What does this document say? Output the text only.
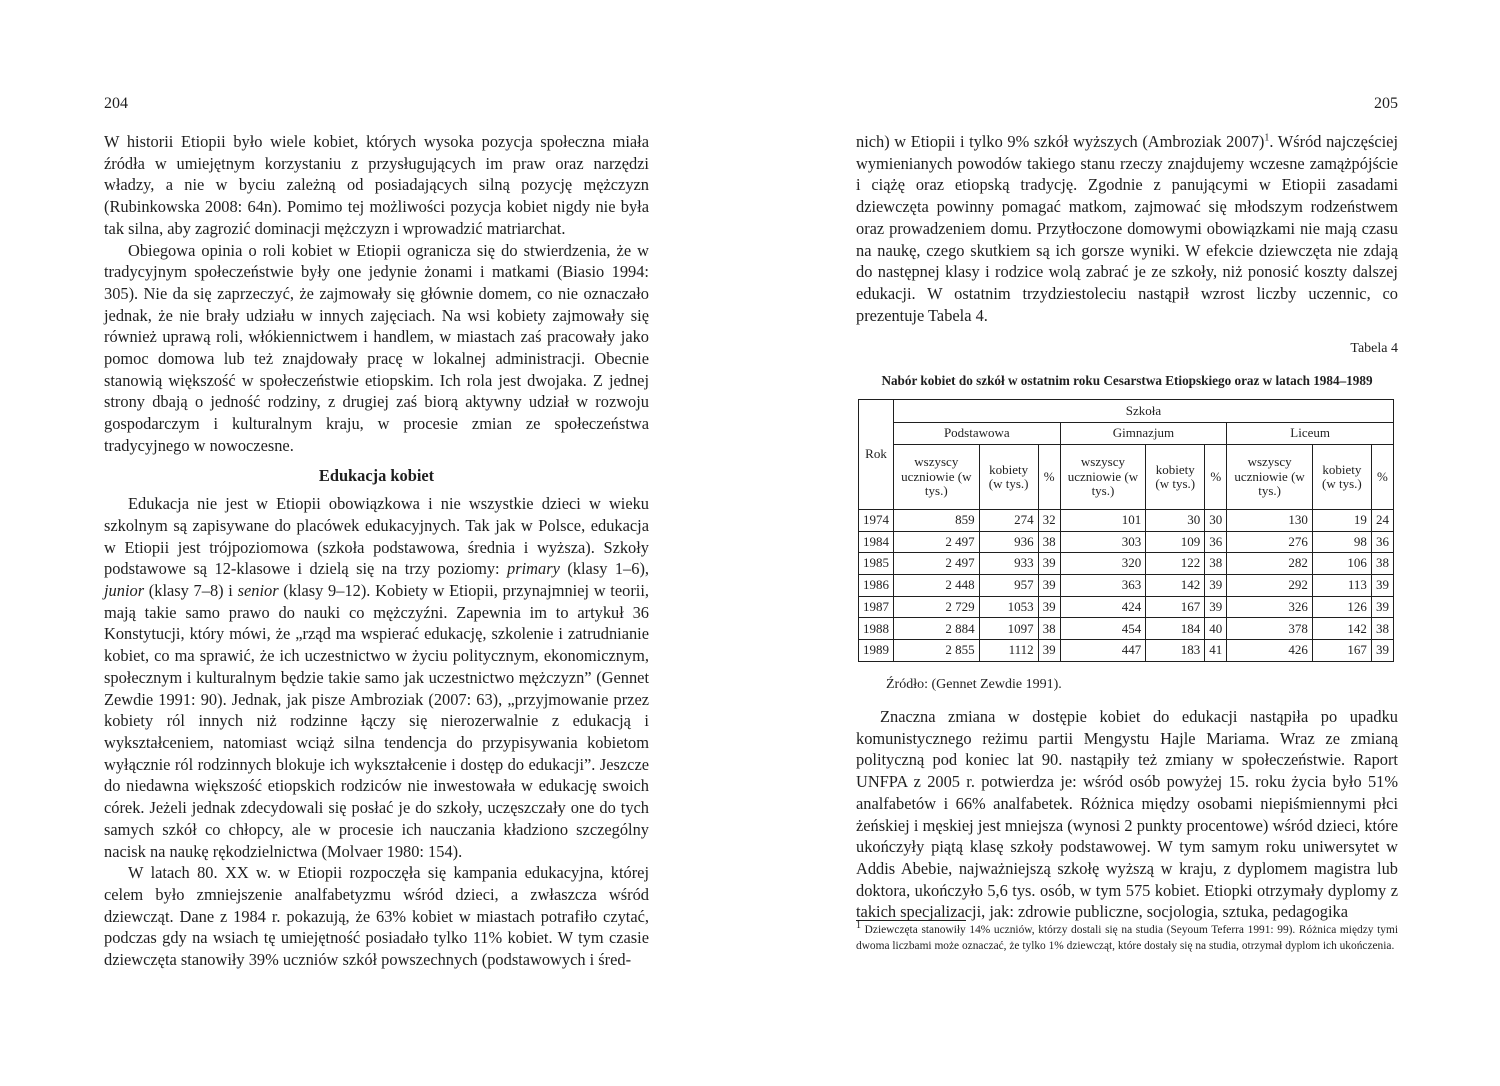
204

W historii Etiopii było wiele kobiet, których wysoka pozycja społeczna miała źródła w umiejętnym korzystaniu z przysługujących im praw oraz narzędzi władzy, a nie w byciu zależną od posiadających silną pozycję mężczyzn (Rubinkowska 2008: 64n). Pomimo tej możliwości pozycja kobiet nigdy nie była tak silna, aby zagrozić dominacji mężczyzn i wprowadzić matriarchat.

Obiegowa opinia o roli kobiet w Etiopii ogranicza się do stwierdzenia, że w tradycyjnym społeczeństwie były one jedynie żonami i matkami (Biasio 1994: 305). Nie da się zaprzeczyć, że zajmowały się głównie domem, co nie oznaczało jednak, że nie brały udziału w innych zajęciach. Na wsi kobiety zajmowały się również uprawą roli, włókiennictwem i handlem, w miastach zaś pracowały jako pomoc domowa lub też znajdowały pracę w lokalnej administracji. Obecnie stanowią większość w społeczeństwie etiopskim. Ich rola jest dwojaka. Z jednej strony dbają o jedność rodziny, z drugiej zaś biorą aktywny udział w rozwoju gospodarczym i kulturalnym kraju, w procesie zmian ze społeczeństwa tradycyjnego w nowoczesne.

Edukacja kobiet

Edukacja nie jest w Etiopii obowiązkowa i nie wszystkie dzieci w wieku szkolnym są zapisywane do placówek edukacyjnych. Tak jak w Polsce, edukacja w Etiopii jest trójpoziomowa (szkoła podstawowa, średnia i wyższa). Szkoły podstawowe są 12-klasowe i dzielą się na trzy poziomy: primary (klasy 1–6), junior (klasy 7–8) i senior (klasy 9–12). Kobiety w Etiopii, przynajmniej w teorii, mają takie samo prawo do nauki co mężczyźni. Zapewnia im to artykuł 36 Konstytucji, który mówi, że „rząd ma wspierać edukację, szkolenie i zatrudnianie kobiet, co ma sprawić, że ich uczestnictwo w życiu politycznym, ekonomicznym, społecznym i kulturalnym będzie takie samo jak uczestnictwo mężczyzn” (Gennet Zewdie 1991: 90). Jednak, jak pisze Ambroziak (2007: 63), „przyjmowanie przez kobiety ról innych niż rodzinne łączy się nierozerwalnie z edukacją i wykształceniem, natomiast wciąż silna tendencja do przypisywania kobietom wyłącznie ról rodzinnych blokuje ich wykształcenie i dostęp do edukacji”. Jeszcze do niedawna większość etiopskich rodziców nie inwestowała w edukację swoich córek. Jeżeli jednak zdecydowali się posłać je do szkoły, uczęszczały one do tych samych szkół co chłopcy, ale w procesie ich nauczania kładziono szczególny nacisk na naukę rękodzielnictwa (Molvaer 1980: 154).

W latach 80. XX w. w Etiopii rozpoczęła się kampania edukacyjna, której celem było zmniejszenie analfabetyzmu wśród dzieci, a zwłaszcza wśród dziewcząt. Dane z 1984 r. pokazują, że 63% kobiet w miastach potrafiło czytać, podczas gdy na wsiach tę umiejętność posiadało tylko 11% kobiet. W tym czasie dziewczęta stanowiły 39% uczniów szkół powszechnych (podstawowych i śred-

205

nich) w Etiopii i tylko 9% szkół wyższych (Ambroziak 2007)$^1$. Wśród najczęściej wymienianych powodów takiego stanu rzeczy znajdujemy wczesne zamążpójście i ciążę oraz etiopską tradycję. Zgodnie z panującymi w Etiopii zasadami dziewczęta powinny pomagać matkom, zajmować się młodszym rodzeństwem oraz prowadzeniem domu. Przytłoczone domowymi obowiązkami nie mają czasu na naukę, czego skutkiem są ich gorsze wyniki. W efekcie dziewczęta nie zdają do następnej klasy i rodzice wolą zabrać je ze szkoły, niż ponosić koszty dalszej edukacji. W ostatnim trzydziestoleciu nastąpił wzrost liczby uczennic, co prezentuje Tabela 4.

Tabela 4
Nabór kobiet do szkół w ostatnim roku Cesarstwa Etiopskiego oraz w latach 1984–1989
Rok	Szkoła								
	Podstawowa			Gimnazjum			Liceum		
	wszyscy uczniowie (w tys.)	kobiety (w tys.)	%	wszyscy uczniowie (w tys.)	kobiety (w tys.)	%	wszyscy uczniowie (w tys.)	kobiety (w tys.)	%
1974	859	274	32	101	30	30	130	19	24
1984	2 497	936	38	303	109	36	276	98	36
1985	2 497	933	39	320	122	38	282	106	38
1986	2 448	957	39	363	142	39	292	113	39
1987	2 729	1053	39	424	167	39	326	126	39
1988	2 884	1097	38	454	184	40	378	142	38
1989	2 855	1112	39	447	183	41	426	167	39
Źródło: (Gennet Zewdie 1991).

Znaczna zmiana w dostępie kobiet do edukacji nastąpiła po upadku komunistycznego reżimu partii Mengystu Hajle Mariama. Wraz ze zmianą polityczną pod koniec lat 90. nastąpiły też zmiany w społeczeństwie. Raport UNFPA z 2005 r. potwierdza je: wśród osób powyżej 15. roku życia było 51% analfabetów i 66% analfabetek. Różnica między osobami niepiśmiennymi płci żeńskiej i męskiej jest mniejsza (wynosi 2 punkty procentowe) wśród dzieci, które ukończyły piątą klasę szkoły podstawowej. W tym samym roku uniwersytet w Addis Abebie, najważniejszą szkołę wyższą w kraju, z dyplomem magistra lub doktora, ukończyło 5,6 tys. osób, w tym 575 kobiet. Etiopki otrzymały dyplomy z takich specjalizacji, jak: zdrowie publiczne, socjologia, sztuka, pedagogika

$^1$ Dziewczęta stanowiły 14% uczniów, którzy dostali się na studia (Seyoum Teferra 1991: 99). Różnica między tymi dwoma liczbami może oznaczać, że tylko 1% dziewcząt, które dostały się na studia, otrzymał dyplom ich ukończenia.
